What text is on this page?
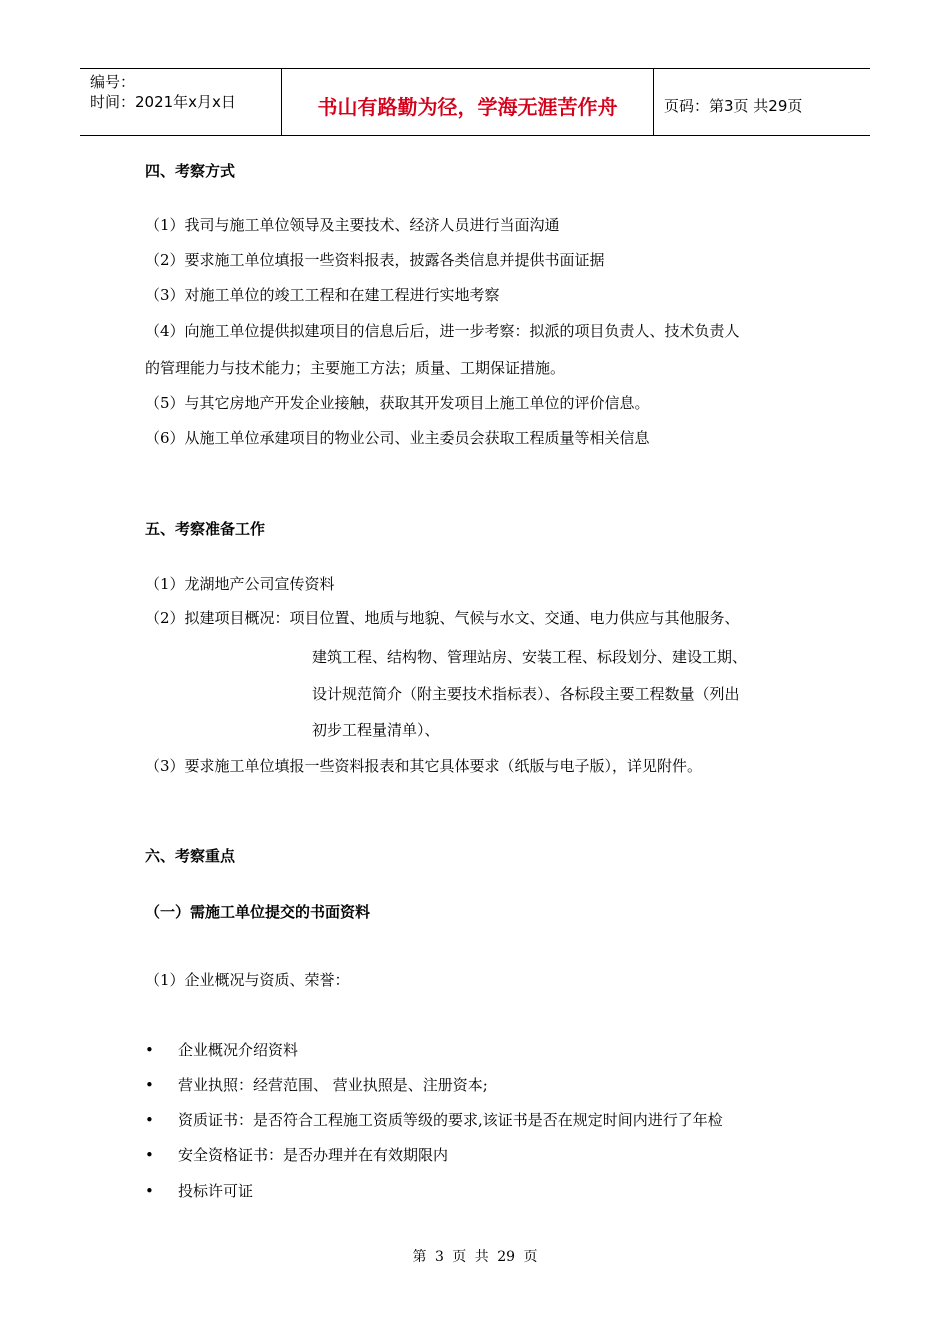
编号：
时间：2021年x月x日	书山有路勤为径，学海无涯苦作舟	页码：第3页 共29页
四、考察方式
（1）我司与施工单位领导及主要技术、经济人员进行当面沟通
（2）要求施工单位填报一些资料报表，披露各类信息并提供书面证据
（3）对施工单位的竣工工程和在建工程进行实地考察
（4）向施工单位提供拟建项目的信息后后，进一步考察：拟派的项目负责人、技术负责人
的管理能力与技术能力；主要施工方法；质量、工期保证措施。
（5）与其它房地产开发企业接触，获取其开发项目上施工单位的评价信息。
（6）从施工单位承建项目的物业公司、业主委员会获取工程质量等相关信息
五、考察准备工作
（1）龙湖地产公司宣传资料
（2）拟建项目概况：项目位置、地质与地貌、气候与水文、交通、电力供应与其他服务、
建筑工程、结构物、管理站房、安装工程、标段划分、建设工期、
设计规范简介（附主要技术指标表）、各标段主要工程数量（列出
初步工程量清单）、
（3）要求施工单位填报一些资料报表和其它具体要求（纸版与电子版），详见附件。
六、考察重点
（一）需施工单位提交的书面资料
（1）企业概况与资质、荣誉：
• 企业概况介绍资料
• 营业执照：经营范围、 营业执照是、注册资本;
• 资质证书：是否符合工程施工资质等级的要求,该证书是否在规定时间内进行了年检
• 安全资格证书：是否办理并在有效期限内
• 投标许可证
第 3 页 共 29 页
